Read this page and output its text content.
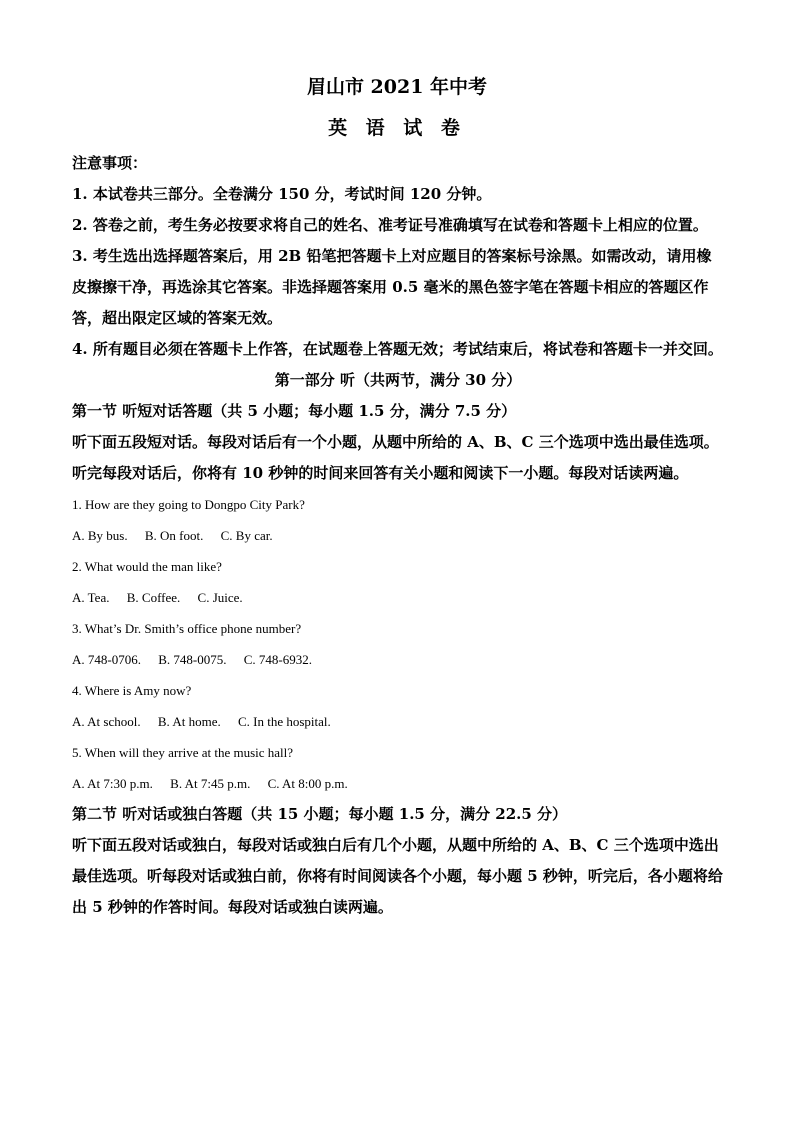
眉山市 2021 年中考
英 语 试 卷

注意事项：

1. 本试卷共三部分。全卷满分 150 分，考试时间 120 分钟。

2. 答卷之前，考生务必按要求将自己的姓名、准考证号准确填写在试卷和答题卡上相应的位置。

3. 考生选出选择题答案后，用 2B 铅笔把答题卡上对应题目的答案标号涂黑。如需改动，请用橡皮擦擦干净，再选涂其它答案。非选择题答案用 0.5 毫米的黑色签字笔在答题卡相应的答题区作答，超出限定区域的答案无效。

4. 所有题目必须在答题卡上作答，在试题卷上答题无效；考试结束后，将试卷和答题卡一并交回。

第一部分 听（共两节，满分 30 分）

第一节 听短对话答题（共 5 小题；每小题 1.5 分，满分 7.5 分）

听下面五段短对话。每段对话后有一个小题，从题中所给的 A、B、C 三个选项中选出最佳选项。听完每段对话后，你将有 10 秒钟的时间来回答有关小题和阅读下一小题。每段对话读两遍。

1. How are they going to Dongpo City Park?

A. By bus. B. On foot. C. By car.

2. What would the man like?

A. Tea. B. Coffee. C. Juice.

3. What’s Dr. Smith’s office phone number?

A. 748-0706. B. 748-0075. C. 748-6932.

4. Where is Amy now?

A. At school. B. At home. C. In the hospital.

5. When will they arrive at the music hall?

A. At 7:30 p.m. B. At 7:45 p.m. C. At 8:00 p.m.

第二节 听对话或独白答题（共 15 小题；每小题 1.5 分，满分 22.5 分）

听下面五段对话或独白，每段对话或独白后有几个小题，从题中所给的 A、B、C 三个选项中选出最佳选项。听每段对话或独白前，你将有时间阅读各个小题，每小题 5 秒钟，听完后，各小题将给出 5 秒钟的作答时间。每段对话或独白读两遍。
